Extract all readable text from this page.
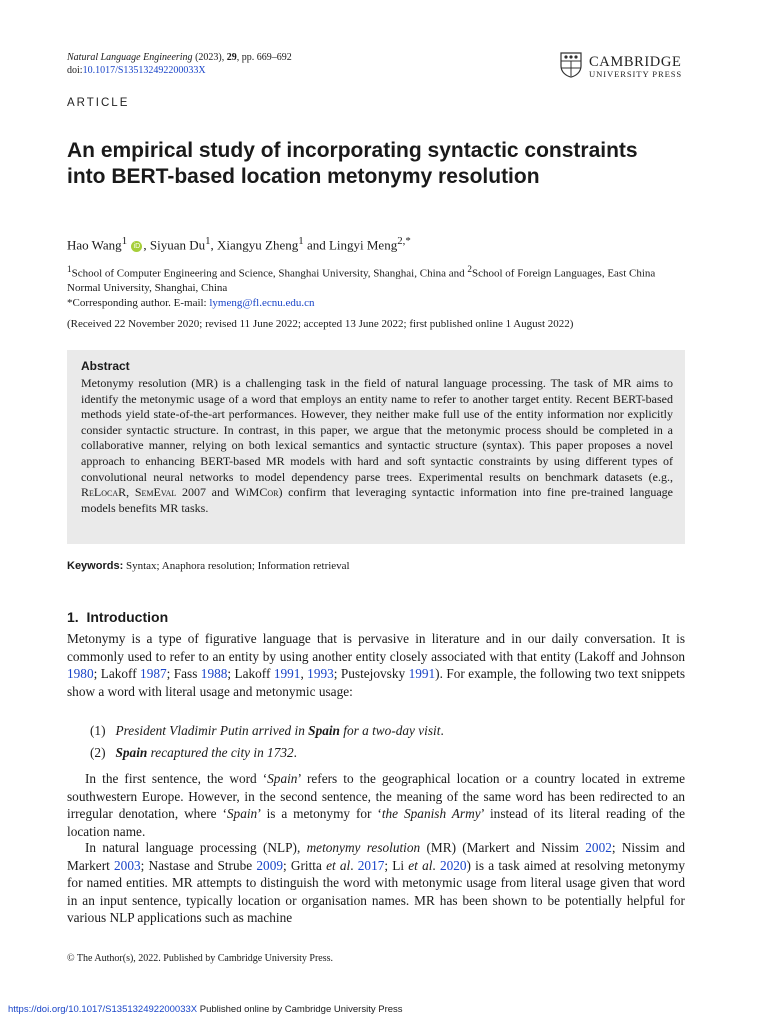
Natural Language Engineering (2023), 29, pp. 669–692
doi:10.1017/S135132492200033X
CAMBRIDGE
UNIVERSITY PRESS
ARTICLE
An empirical study of incorporating syntactic constraints into BERT-based location metonymy resolution
Hao Wang$^1$ iD , Siyuan Du$^1$, Xiangyu Zheng$^1$ and Lingyi Meng$^{2,*}$
$^1$School of Computer Engineering and Science, Shanghai University, Shanghai, China and $^2$School of Foreign Languages, East China Normal University, Shanghai, China
*Corresponding author. E-mail: lymeng@fl.ecnu.edu.cn
(Received 22 November 2020; revised 11 June 2022; accepted 13 June 2022; first published online 1 August 2022)
Abstract
Metonymy resolution (MR) is a challenging task in the field of natural language processing. The task of MR aims to identify the metonymic usage of a word that employs an entity name to refer to another target entity. Recent BERT-based methods yield state-of-the-art performances. However, they neither make full use of the entity information nor explicitly consider syntactic structure. In contrast, in this paper, we argue that the metonymic process should be completed in a collaborative manner, relying on both lexical semantics and syntactic structure (syntax). This paper proposes a novel approach to enhancing BERT-based MR models with hard and soft syntactic constraints by using different types of convolutional neural networks to model dependency parse trees. Experimental results on benchmark datasets (e.g., ReLocaR, SemEval 2007 and WiMCor) confirm that leveraging syntactic information into fine pre-trained language models benefits MR tasks.
Keywords: Syntax; Anaphora resolution; Information retrieval
1. Introduction
Metonymy is a type of figurative language that is pervasive in literature and in our daily conversation. It is commonly used to refer to an entity by using another entity closely associated with that entity (Lakoff and Johnson 1980; Lakoff 1987; Fass 1988; Lakoff 1991, 1993; Pustejovsky 1991). For example, the following two text snippets show a word with literal usage and metonymic usage:
(1) President Vladimir Putin arrived in Spain for a two-day visit.
(2) Spain recaptured the city in 1732.
In the first sentence, the word ‘Spain’ refers to the geographical location or a country located in extreme southwestern Europe. However, in the second sentence, the meaning of the same word has been redirected to an irregular denotation, where ‘Spain’ is a metonymy for ‘the Spanish Army’ instead of its literal reading of the location name.
In natural language processing (NLP), metonymy resolution (MR) (Markert and Nissim 2002; Nissim and Markert 2003; Nastase and Strube 2009; Gritta et al. 2017; Li et al. 2020) is a task aimed at resolving metonymy for named entities. MR attempts to distinguish the word with metonymic usage from literal usage given that word in an input sentence, typically location or organisation names. MR has been shown to be potentially helpful for various NLP applications such as machine
© The Author(s), 2022. Published by Cambridge University Press.
https://doi.org/10.1017/S135132492200033X Published online by Cambridge University Press
